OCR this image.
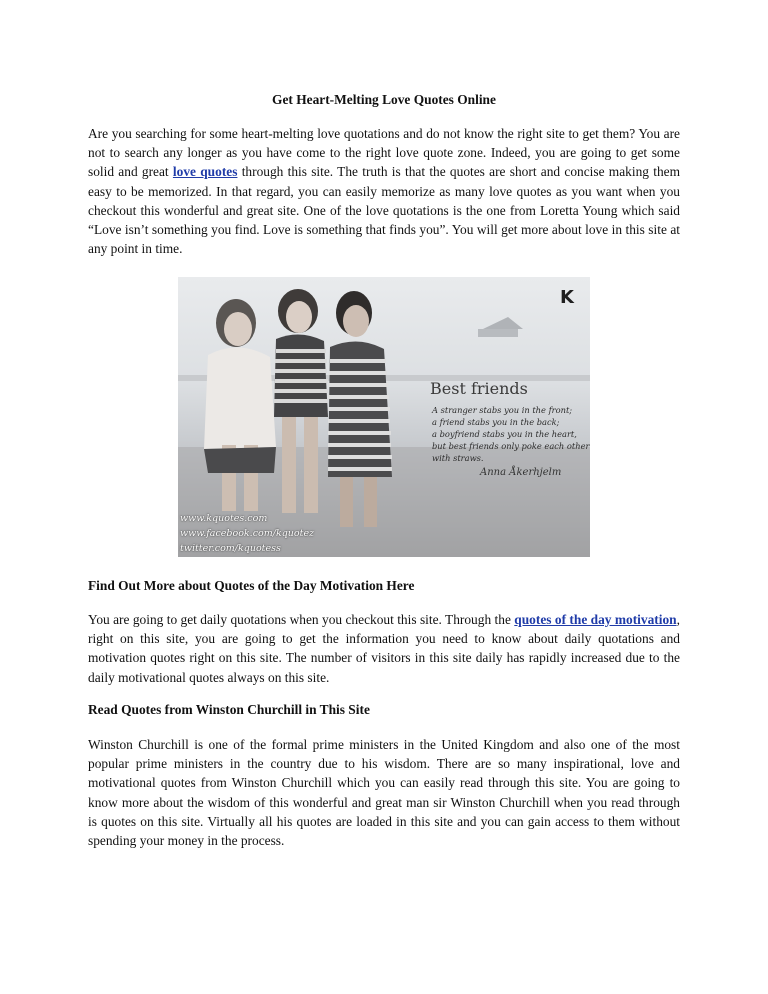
Get Heart-Melting Love Quotes Online

Are you searching for some heart-melting love quotations and do not know the right site to get them? You are not to search any longer as you have come to the right love quote zone. Indeed, you are going to get some solid and great love quotes through this site. The truth is that the quotes are short and concise making them easy to be memorized. In that regard, you can easily memorize as many love quotes as you want when you checkout this wonderful and great site. One of the love quotations is the one from Loretta Young which said “Love isn’t something you find. Love is something that finds you”. You will get more about love in this site at any point in time.

K
Best friends
A stranger stabs you in the front;
a friend stabs you in the back;
a boyfriend stabs you in the heart,
but best friends only poke each other
with straws.
Anna Åkerhjelm
www.kquotes.com
www.facebook.com/kquotez
twitter.com/kquotess

Find Out More about Quotes of the Day Motivation Here

You are going to get daily quotations when you checkout this site. Through the quotes of the day motivation, right on this site, you are going to get the information you need to know about daily quotations and motivation quotes right on this site. The number of visitors in this site daily has rapidly increased due to the daily motivational quotes always on this site.

Read Quotes from Winston Churchill in This Site

Winston Churchill is one of the formal prime ministers in the United Kingdom and also one of the most popular prime ministers in the country due to his wisdom. There are so many inspirational, love and motivational quotes from Winston Churchill which you can easily read through this site. You are going to know more about the wisdom of this wonderful and great man sir Winston Churchill when you read through is quotes on this site. Virtually all his quotes are loaded in this site and you can gain access to them without spending your money in the process.
